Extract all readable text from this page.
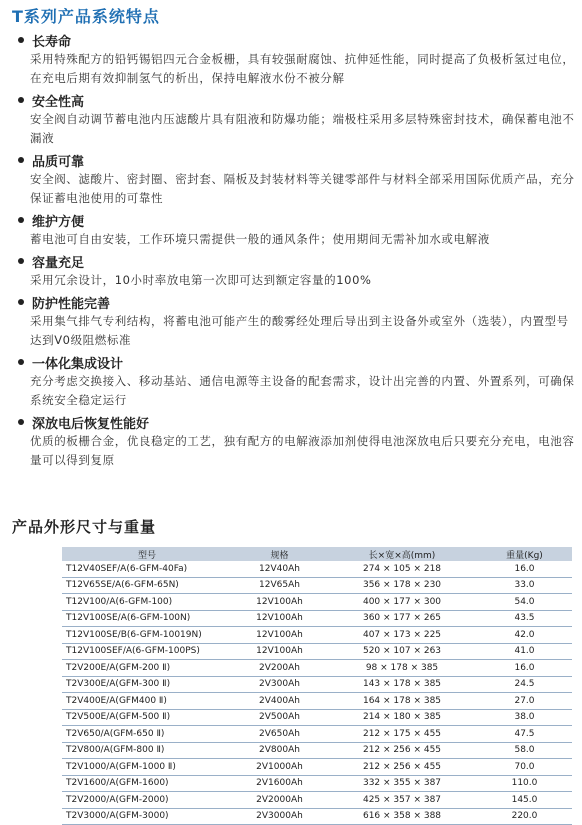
T系列产品系统特点
长寿命
采用特殊配方的铅钙锡铝四元合金板栅，具有较强耐腐蚀、抗伸延性能，同时提高了负极析氢过电位，在充电后期有效抑制氢气的析出，保持电解液水份不被分解
安全性高
安全阀自动调节蓄电池内压滤酸片具有阻液和防爆功能；端极柱采用多层特殊密封技术，确保蓄电池不漏液
品质可靠
安全阀、滤酸片、密封圈、密封套、隔板及封装材料等关键零部件与材料全部采用国际优质产品，充分保证蓄电池使用的可靠性
维护方便
蓄电池可自由安装，工作环境只需提供一般的通风条件；使用期间无需补加水或电解液
容量充足
采用冗余设计，10小时率放电第一次即可达到额定容量的100%
防护性能完善
采用集气排气专利结构，将蓄电池可能产生的酸雾经处理后导出到主设备外或室外（选装），内置型号达到V0级阻燃标准
一体化集成设计
充分考虑交换接入、移动基站、通信电源等主设备的配套需求，设计出完善的内置、外置系列，可确保系统安全稳定运行
深放电后恢复性能好
优质的板栅合金，优良稳定的工艺，独有配方的电解液添加剂使得电池深放电后只要充分充电，电池容量可以得到复原
产品外形尺寸与重量
型号	规格	长×宽×高(mm)	重量(Kg)
T12V40SEF/A(6-GFM-40Fa)	12V40Ah	274 × 105 × 218	16.0
T12V65SE/A(6-GFM-65N)	12V65Ah	356 × 178 × 230	33.0
T12V100/A(6-GFM-100)	12V100Ah	400 × 177 × 300	54.0
T12V100SE/A(6-GFM-100N)	12V100Ah	360 × 177 × 265	43.5
T12V100SE/B(6-GFM-10019N)	12V100Ah	407 × 173 × 225	42.0
T12V100SEF/A(6-GFM-100PS)	12V100Ah	520 × 107 × 263	41.0
T2V200E/A(GFM-200 Ⅱ)	2V200Ah	98 × 178 × 385	16.0
T2V300E/A(GFM-300 Ⅱ)	2V300Ah	143 × 178 × 385	24.5
T2V400E/A(GFM400 Ⅱ)	2V400Ah	164 × 178 × 385	27.0
T2V500E/A(GFM-500 Ⅱ)	2V500Ah	214 × 180 × 385	38.0
T2V650/A(GFM-650 Ⅱ)	2V650Ah	212 × 175 × 455	47.5
T2V800/A(GFM-800 Ⅱ)	2V800Ah	212 × 256 × 455	58.0
T2V1000/A(GFM-1000 Ⅱ)	2V1000Ah	212 × 256 × 455	70.0
T2V1600/A(GFM-1600)	2V1600Ah	332 × 355 × 387	110.0
T2V2000/A(GFM-2000)	2V2000Ah	425 × 357 × 387	145.0
T2V3000/A(GFM-3000)	2V3000Ah	616 × 358 × 388	220.0
